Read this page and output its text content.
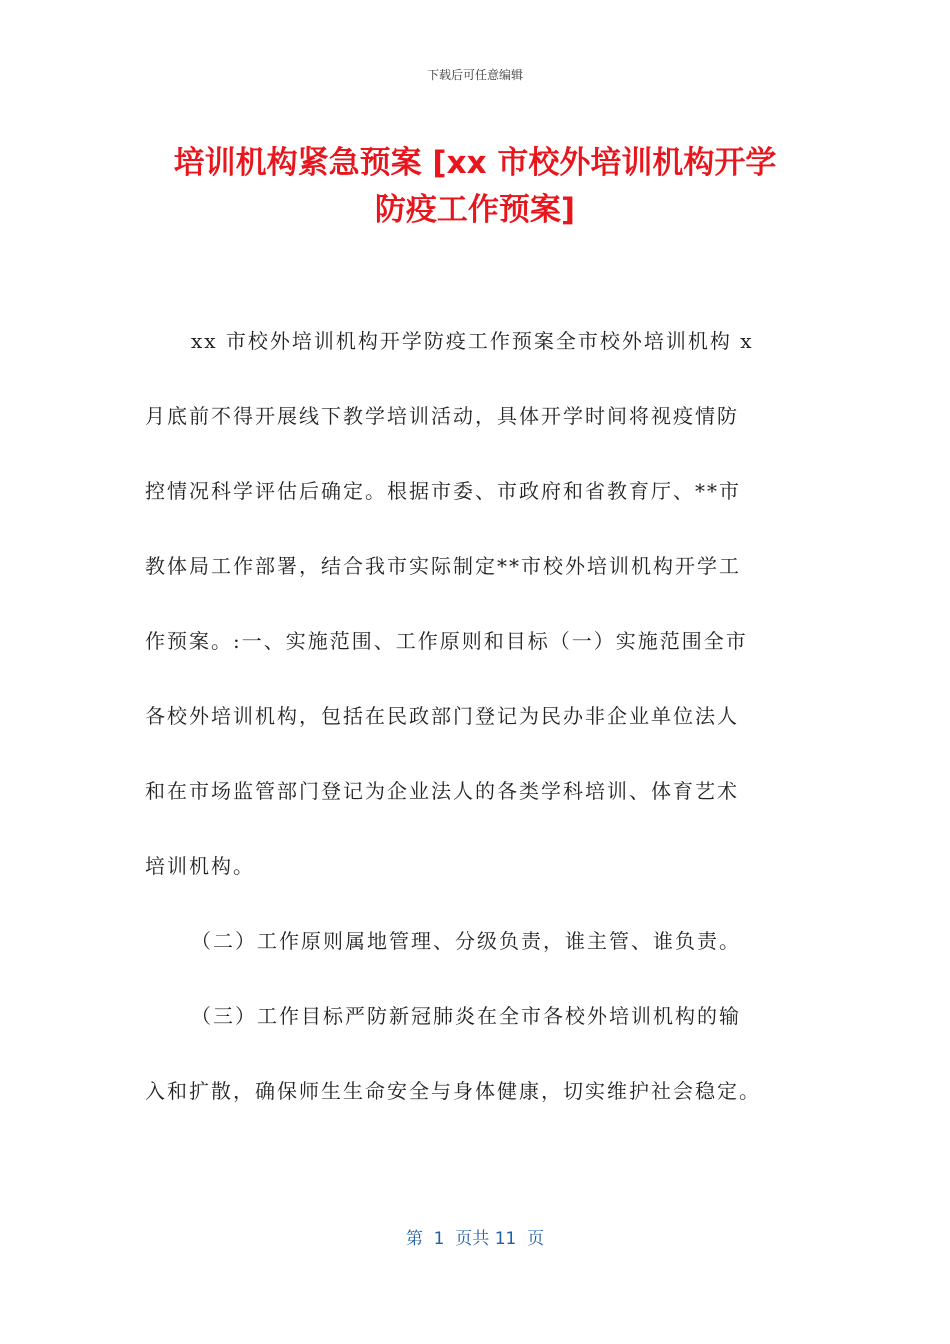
下载后可任意编辑
培训机构紧急预案 [xx 市校外培训机构开学
防疫工作预案]
xx 市校外培训机构开学防疫工作预案全市校外培训机构 x
月底前不得开展线下教学培训活动，具体开学时间将视疫情防
控情况科学评估后确定。根据市委、市政府和省教育厅、**市
教体局工作部署，结合我市实际制定**市校外培训机构开学工
作预案。:一、实施范围、工作原则和目标（一）实施范围全市
各校外培训机构，包括在民政部门登记为民办非企业单位法人
和在市场监管部门登记为企业法人的各类学科培训、体育艺术
培训机构。
（二）工作原则属地管理、分级负责，谁主管、谁负责。
（三）工作目标严防新冠肺炎在全市各校外培训机构的输
入和扩散，确保师生生命安全与身体健康，切实维护社会稳定。
第  1  页共 11  页
